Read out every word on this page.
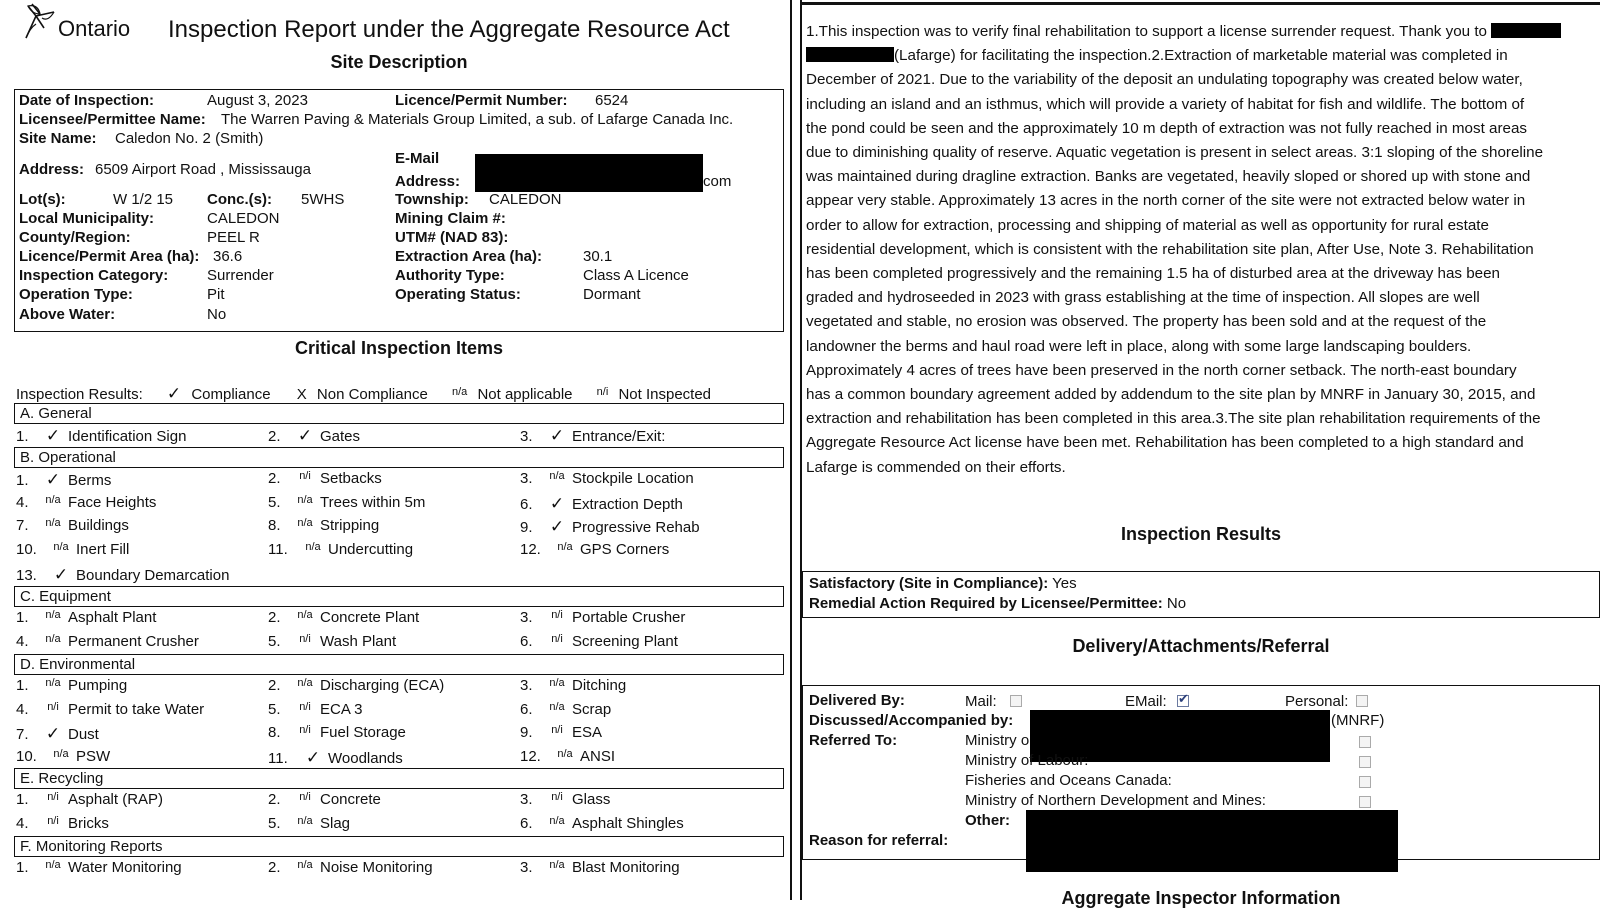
Ontario Inspection Report under the Aggregate Resource Act
Site Description
Date of Inspection:	August 3, 2023	Licence/Permit Number: 6524
Licensee/Permittee Name: The Warren Paving & Materials Group Limited, a sub. of Lafarge Canada Inc.
Site Name: Caledon No. 2 (Smith)
Address: 6509 Airport Road , Mississauga
E-Mail
Address:	com
Lot(s):	W 1/2 15 Conc.(s): 5WHS	Township: CALEDON
Local Municipality:	CALEDON	Mining Claim #:
County/Region:	PEEL R	UTM# (NAD 83):
Licence/Permit Area (ha): 36.6	Extraction Area (ha):	30.1
Inspection Category:	Surrender	Authority Type:	Class A Licence
Operation Type:	Pit	Operating Status:	Dormant
Above Water:	No
Critical Inspection Items
Inspection Results: ✓ Compliance X Non Compliance $^{n/a}$ Not applicable $^{n/i}$ Not Inspected
A. General
1. ✓ Identification Sign	2. ✓ Gates	3. ✓ Entrance/Exit:
B. Operational
1. ✓ Berms	2. n/i Setbacks	3. n/a Stockpile Location
4. n/a Face Heights	5. n/a Trees within 5m	6. ✓ Extraction Depth
7. n/a Buildings	8. n/a Stripping	9. ✓ Progressive Rehab
10. n/a Inert Fill	11. n/a Undercutting	12. n/a GPS Corners
13. ✓ Boundary Demarcation
C. Equipment
1. n/a Asphalt Plant	2. n/a Concrete Plant	3. n/i Portable Crusher
4. n/a Permanent Crusher	5. n/i Wash Plant	6. n/i Screening Plant
D. Environmental
1. n/a Pumping	2. n/a Discharging (ECA)	3. n/a Ditching
4. n/i Permit to take Water	5. n/i ECA 3	6. n/a Scrap
7. ✓ Dust	8. n/i Fuel Storage	9. n/i ESA
10. n/a PSW	11. ✓ Woodlands	12. n/a ANSI
E. Recycling
1. n/i Asphalt (RAP)	2. n/i Concrete	3. n/i Glass
4. n/i Bricks	5. n/a Slag	6. n/a Asphalt Shingles
F. Monitoring Reports
1. n/a Water Monitoring	2. n/a Noise Monitoring	3. n/a Blast Monitoring
1.This inspection was to verify final rehabilitation to support a license surrender request. Thank you to
(Lafarge) for facilitating the inspection.2.Extraction of marketable material was completed in
December of 2021. Due to the variability of the deposit an undulating topography was created below water,
including an island and an isthmus, which will provide a variety of habitat for fish and wildlife. The bottom of
the pond could be seen and the approximately 10 m depth of extraction was not fully reached in most areas
due to diminishing quality of reserve. Aquatic vegetation is present in select areas. 3:1 sloping of the shoreline
was maintained during dragline extraction. Banks are vegetated, heavily sloped or shored up with stone and
appear very stable. Approximately 13 acres in the north corner of the site were not extracted below water in
order to allow for extraction, processing and shipping of material as well as opportunity for rural estate
residential development, which is consistent with the rehabilitation site plan, After Use, Note 3. Rehabilitation
has been completed progressively and the remaining 1.5 ha of disturbed area at the driveway has been
graded and hydroseeded in 2023 with grass establishing at the time of inspection. All slopes are well
vegetated and stable, no erosion was observed. The property has been sold and at the request of the
landowner the berms and haul road were left in place, along with some large landscaping boulders.
Approximately 4 acres of trees have been preserved in the north corner setback. The north-east boundary
has a common boundary agreement added by addendum to the site plan by MNRF in January 30, 2015, and
extraction and rehabilitation has been completed in this area.3.The site plan rehabilitation requirements of the
Aggregate Resource Act license have been met. Rehabilitation has been completed to a high standard and
Lafarge is commended on their efforts.
Inspection Results
Satisfactory (Site in Compliance): Yes
Remedial Action Required by Licensee/Permittee: No
Delivery/Attachments/Referral
Delivered By:	Mail:	EMail:
✔	Personal:
Discussed/Accompanied by:	(MNRF)
Referred To:	Ministry o
Ministry of Labour:
Fisheries and Oceans Canada:
Ministry of Northern Development and Mines:
Other:
Reason for referral:
Aggregate Inspector Information
